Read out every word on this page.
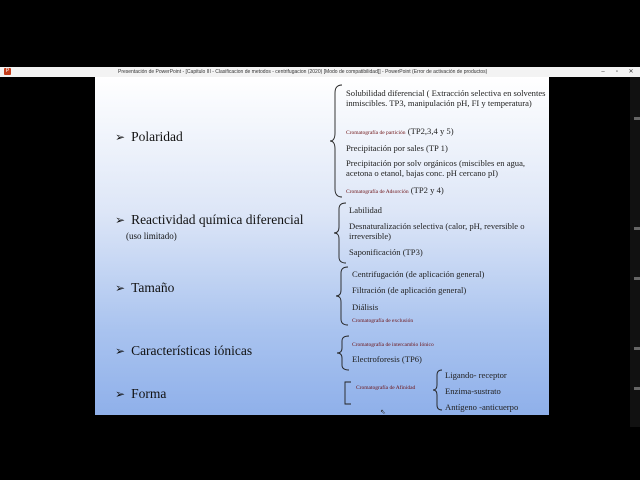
P	Presentación de PowerPoint - [Capitulo III - Clasificacion de metodos - centrifugacion (2020) [Modo de compatibilidad]] - PowerPoint (Error de activación de productos)	–	▫	✕
➢ Polaridad
Solubilidad diferencial ( Extracción selectiva en solventes inmiscibles. TP3, manipulación pH, FI y temperatura)
Cromatografía de partición (TP2,3,4 y 5)
Precipitación por sales (TP 1)
Precipitación por solv orgánicos (miscibles en agua, acetona o etanol, bajas conc. pH cercano pI)
Cromatografía de Adsorción (TP2 y 4)
➢ Reactividad química diferencial
(uso limitado)
Labilidad
Desnaturalización selectiva (calor, pH, reversible o irreversible)
Saponificación (TP3)
➢ Tamaño
Centrifugación (de aplicación general)
Filtración (de aplicación general)
Diálisis
Cromatografía de exclusión
➢ Características iónicas	Cromatografía de intercambio Iónico
Electroforesis (TP6)
➢ Forma	Cromatografía de Afinidad
Ligando- receptor
Enzima-sustrato
Antígeno -anticuerpo
⇖
